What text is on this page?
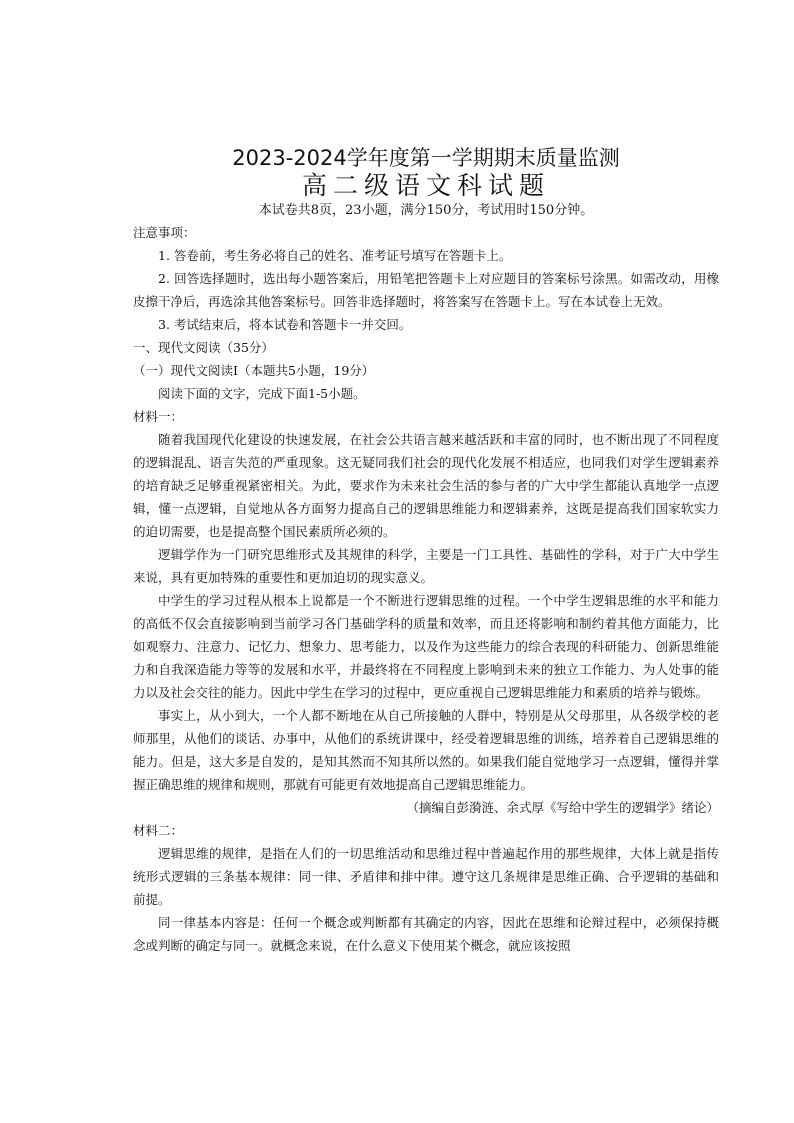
2023-2024学年度第一学期期末质量监测
高二级语文科试题

本试卷共8页，23小题，满分150分，考试用时150分钟。

注意事项：

1. 答卷前，考生务必将自己的姓名、准考证号填写在答题卡上。

2. 回答选择题时，选出每小题答案后，用铅笔把答题卡上对应题目的答案标号涂黑。如需改动，用橡皮擦干净后，再选涂其他答案标号。回答非选择题时，将答案写在答题卡上。写在本试卷上无效。

3. 考试结束后，将本试卷和答题卡一并交回。

一、现代文阅读（35分）

（一）现代文阅读Ⅰ（本题共5小题，19分）

阅读下面的文字，完成下面1-5小题。

材料一：

随着我国现代化建设的快速发展，在社会公共语言越来越活跃和丰富的同时，也不断出现了不同程度的逻辑混乱、语言失范的严重现象。这无疑同我们社会的现代化发展不相适应，也同我们对学生逻辑素养的培育缺乏足够重视紧密相关。为此，要求作为未来社会生活的参与者的广大中学生都能认真地学一点逻辑，懂一点逻辑，自觉地从各方面努力提高自己的逻辑思维能力和逻辑素养，这既是提高我们国家软实力的迫切需要，也是提高整个国民素质所必须的。

逻辑学作为一门研究思维形式及其规律的科学，主要是一门工具性、基础性的学科，对于广大中学生来说，具有更加特殊的重要性和更加迫切的现实意义。

中学生的学习过程从根本上说都是一个不断进行逻辑思维的过程。一个中学生逻辑思维的水平和能力的高低不仅会直接影响到当前学习各门基础学科的质量和效率，而且还将影响和制约着其他方面能力，比如观察力、注意力、记忆力、想象力、思考能力，以及作为这些能力的综合表现的科研能力、创新思维能力和自我深造能力等等的发展和水平，并最终将在不同程度上影响到未来的独立工作能力、为人处事的能力以及社会交往的能力。因此中学生在学习的过程中，更应重视自己逻辑思维能力和素质的培养与锻炼。

事实上，从小到大，一个人都不断地在从自己所接触的人群中，特别是从父母那里，从各级学校的老师那里，从他们的谈话、办事中，从他们的系统讲课中，经受着逻辑思维的训练，培养着自己逻辑思维的能力。但是，这大多是自发的，是知其然而不知其所以然的。如果我们能自觉地学习一点逻辑，懂得并掌握正确思维的规律和规则，那就有可能更有效地提高自己逻辑思维能力。

（摘编自彭漪涟、余式厚《写给中学生的逻辑学》绪论）

材料二：

逻辑思维的规律，是指在人们的一切思维活动和思维过程中普遍起作用的那些规律，大体上就是指传统形式逻辑的三条基本规律：同一律、矛盾律和排中律。遵守这几条规律是思维正确、合乎逻辑的基础和前提。

同一律基本内容是：任何一个概念或判断都有其确定的内容，因此在思维和论辩过程中，必须保持概念或判断的确定与同一。就概念来说，在什么意义下使用某个概念，就应该按照
